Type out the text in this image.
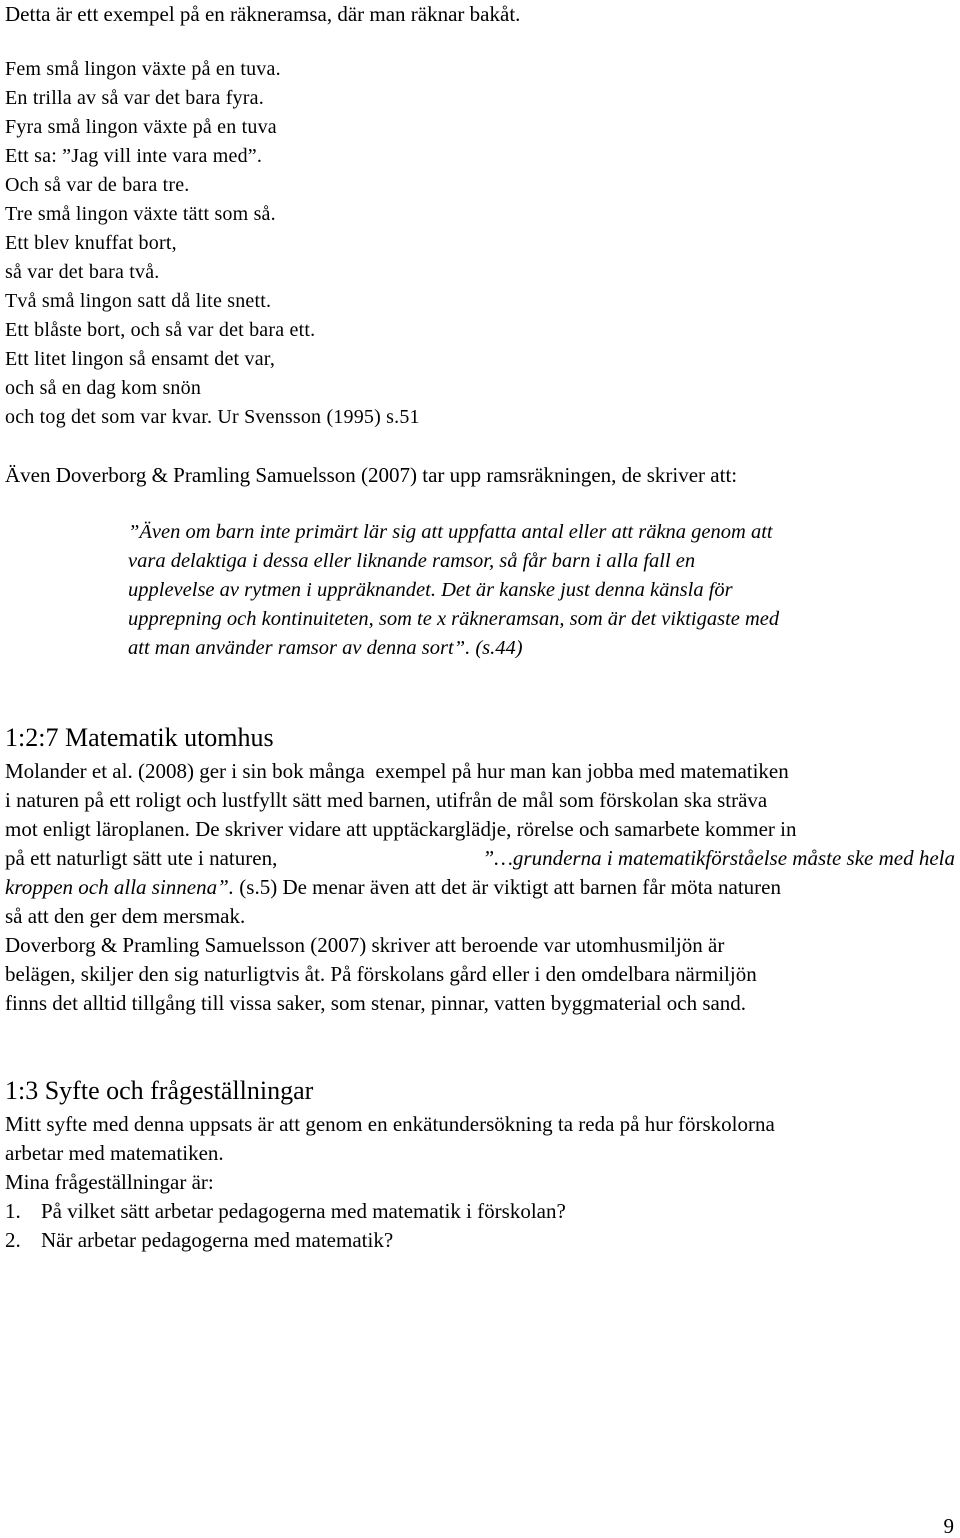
Detta är ett exempel på en räkneramsa, där man räknar bakåt.
Fem små lingon växte på en tuva.
En trilla av så var det bara fyra.
Fyra små lingon växte på en tuva
Ett sa: ”Jag vill inte vara med”.
Och så var de bara tre.
Tre små lingon växte tätt som så.
Ett blev knuffat bort,
så var det bara två.
Två små lingon satt då lite snett.
Ett blåste bort, och så var det bara ett.
Ett litet lingon så ensamt det var,
och så en dag kom snön
och tog det som var kvar. Ur Svensson (1995) s.51
Även Doverborg & Pramling Samuelsson (2007) tar upp ramsräkningen, de skriver att:
”Även om barn inte primärt lär sig att uppfatta antal eller att räkna genom att
vara delaktiga i dessa eller liknande ramsor, så får barn i alla fall en
upplevelse av rytmen i uppräknandet. Det är kanske just denna känsla för
upprepning och kontinuiteten, som te x räkneramsan, som är det viktigaste med
att man använder ramsor av denna sort”. (s.44)
1:2:7 Matematik utomhus
Molander et al. (2008) ger i sin bok många  exempel på hur man kan jobba med matematiken
i naturen på ett roligt och lustfyllt sätt med barnen, utifrån de mål som förskolan ska sträva
mot enligt läroplanen. De skriver vidare att upptäckarglädje, rörelse och samarbete kommer in
på ett naturligt sätt ute i naturen,	”…grunderna i matematikförståelse måste ske med hela
kroppen och alla sinnena”. (s.5) De menar även att det är viktigt att barnen får möta naturen
så att den ger dem mersmak.
Doverborg & Pramling Samuelsson (2007) skriver att beroende var utomhusmiljön är
belägen, skiljer den sig naturligtvis åt. På förskolans gård eller i den omdelbara närmiljön
finns det alltid tillgång till vissa saker, som stenar, pinnar, vatten byggmaterial och sand.
1:3 Syfte och frågeställningar
Mitt syfte med denna uppsats är att genom en enkätundersökning ta reda på hur förskolorna
arbetar med matematiken.
Mina frågeställningar är:
1. På vilket sätt arbetar pedagogerna med matematik i förskolan?
2. När arbetar pedagogerna med matematik?
9
